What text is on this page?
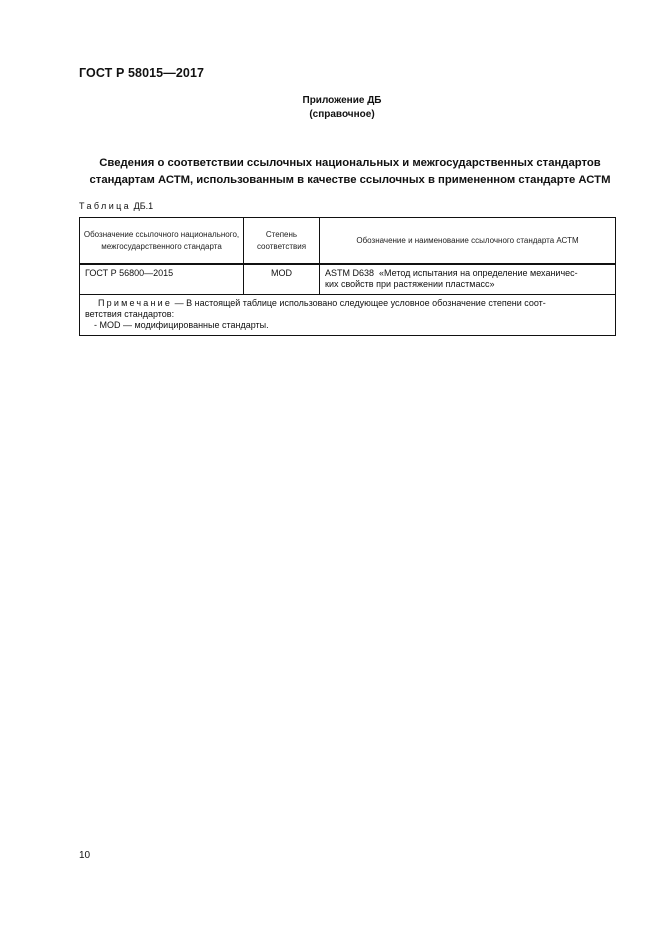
ГОСТ Р 58015—2017
Приложение ДБ
(справочное)
Сведения о соответствии ссылочных национальных и межгосударственных стандартов
стандартам АСТМ, использованным в качестве ссылочных в примененном стандарте АСТМ
Таблица ДБ.1
Обозначение ссылочного национального, межгосударственного стандарта	Степень соответствия	Обозначение и наименование ссылочного стандарта АСТМ

ГОСТ Р 56800—2015	MOD	ASTM D638  «Метод испытания на определение механичес-
ких свойств при растяжении пластмасс»

Примечание — В настоящей таблице использовано следующее условное обозначение степени соот-
ветствия стандартов:
- MOD — модифицированные стандарты.		
10
